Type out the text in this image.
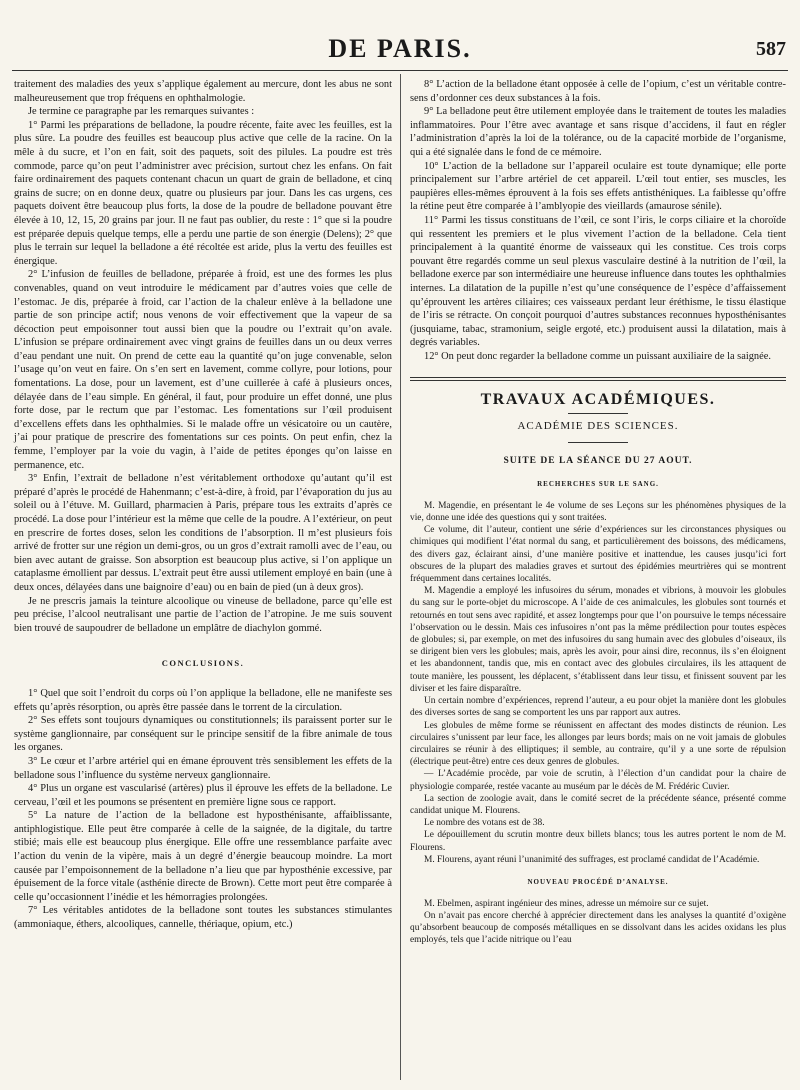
DE PARIS.	587

traitement des maladies des yeux s’applique également au mercure, dont les abus ne sont malheureusement que trop fréquens en ophthalmologie.

Je termine ce paragraphe par les remarques suivantes :

1° Parmi les préparations de belladone, la poudre récente, faite avec les feuilles, est la plus sûre. La poudre des feuilles est beaucoup plus active que celle de la racine. On la mêle à du sucre, et l’on en fait, soit des paquets, soit des pilules. La poudre est très commode, parce qu’on peut l’administrer avec précision, surtout chez les enfans. On fait faire ordinairement des paquets contenant chacun un quart de grain de belladone, et cinq grains de sucre; on en donne deux, quatre ou plusieurs par jour. Dans les cas urgens, ces paquets doivent être beaucoup plus forts, la dose de la poudre de belladone pouvant être élevée à 10, 12, 15, 20 grains par jour. Il ne faut pas oublier, du reste : 1° que si la poudre est préparée depuis quelque temps, elle a perdu une partie de son énergie (Delens); 2° que plus le terrain sur lequel la belladone a été récoltée est aride, plus la vertu des feuilles est énergique.

2° L’infusion de feuilles de belladone, préparée à froid, est une des formes les plus convenables, quand on veut introduire le médicament par d’autres voies que celle de l’estomac. Je dis, préparée à froid, car l’action de la chaleur enlève à la belladone une partie de son principe actif; nous venons de voir effectivement que la vapeur de sa décoction peut empoisonner tout aussi bien que la poudre ou l’extrait qu’on avale. L’infusion se prépare ordinairement avec vingt grains de feuilles dans un ou deux verres d’eau pendant une nuit. On prend de cette eau la quantité qu’on juge convenable, selon l’usage qu’on veut en faire. On s’en sert en lavement, comme collyre, pour lotions, pour fomentations. La dose, pour un lavement, est d’une cuillerée à café à plusieurs onces, délayée dans de l’eau simple. En général, il faut, pour produire un effet donné, une plus forte dose, par le rectum que par l’estomac. Les fomentations sur l’œil produisent d’excellens effets dans les ophthalmies. Si le malade offre un vésicatoire ou un cautère, j’ai pour pratique de prescrire des fomentations sur ces points. On peut enfin, chez la femme, l’employer par la voie du vagin, à l’aide de petites éponges qu’on laisse en permanence, etc.

3° Enfin, l’extrait de belladone n’est véritablement orthodoxe qu’autant qu’il est préparé d’après le procédé de Hahenmann; c’est-à-dire, à froid, par l’évaporation du jus au soleil ou à l’étuve. M. Guillard, pharmacien à Paris, prépare tous les extraits d’après ce procédé. La dose pour l’intérieur est la même que celle de la poudre. A l’extérieur, on peut en prescrire de fortes doses, selon les conditions de l’absorption. Il m’est plusieurs fois arrivé de frotter sur une région un demi-gros, ou un gros d’extrait ramolli avec de l’eau, ou bien avec autant de graisse. Son absorption est beaucoup plus active, si l’on applique un cataplasme émollient par dessus. L’extrait peut être aussi utilement employé en bain (une à deux onces, délayées dans une baignoire d’eau) ou en bain de pied (un à deux gros).

Je ne prescris jamais la teinture alcoolique ou vineuse de belladone, parce qu’elle est peu précise, l’alcool neutralisant une partie de l’action de l’atropine. Je me suis souvent bien trouvé de saupoudrer de belladone un emplâtre de diachylon gommé.

CONCLUSIONS.

1° Quel que soit l’endroit du corps où l’on applique la belladone, elle ne manifeste ses effets qu’après résorption, ou après être passée dans le torrent de la circulation.

2° Ses effets sont toujours dynamiques ou constitutionnels; ils paraissent porter sur le système ganglionnaire, par conséquent sur le principe sensitif de la fibre animale de tous les organes.

3° Le cœur et l’arbre artériel qui en émane éprouvent très sensiblement les effets de la belladone sous l’influence du système nerveux ganglionnaire.

4° Plus un organe est vascularisé (artères) plus il éprouve les effets de la belladone. Le cerveau, l’œil et les poumons se présentent en première ligne sous ce rapport.

5° La nature de l’action de la belladone est hyposthénisante, affaiblissante, antiphlogistique. Elle peut être comparée à celle de la saignée, de la digitale, du tartre stibié; mais elle est beaucoup plus énergique. Elle offre une ressemblance parfaite avec l’action du venin de la vipère, mais à un degré d’énergie beaucoup moindre. La mort causée par l’empoisonnement de la belladone n’a lieu que par hyposthénie excessive, par épuisement de la force vitale (asthénie directe de Brown). Cette mort peut être comparée à celle qu’occasionnent l’inédie et les hémorragies prolongées.

7° Les véritables antidotes de la belladone sont toutes les substances stimulantes (ammoniaque, éthers, alcooliques, cannelle, thériaque, opium, etc.)

8° L’action de la belladone étant opposée à celle de l’opium, c’est un véritable contre-sens d’ordonner ces deux substances à la fois.

9° La belladone peut être utilement employée dans le traitement de toutes les maladies inflammatoires. Pour l’être avec avantage et sans risque d’accidens, il faut en régler l’administration d’après la loi de la tolérance, ou de la capacité morbide de l’organisme, qui a été signalée dans le fond de ce mémoire.

10° L’action de la belladone sur l’appareil oculaire est toute dynamique; elle porte principalement sur l’arbre artériel de cet appareil. L’œil tout entier, ses muscles, les paupières elles-mêmes éprouvent à la fois ses effets antisthéniques. La faiblesse qu’offre la rétine peut être comparée à l’amblyopie des vieillards (amaurose sénile).

11° Parmi les tissus constituans de l’œil, ce sont l’iris, le corps ciliaire et la choroïde qui ressentent les premiers et le plus vivement l’action de la belladone. Cela tient principalement à la quantité énorme de vaisseaux qui les constitue. Ces trois corps pouvant être regardés comme un seul plexus vasculaire destiné à la nutrition de l’œil, la belladone exerce par son intermédiaire une heureuse influence dans toutes les ophthalmies internes. La dilatation de la pupille n’est qu’une conséquence de l’espèce d’affaissement qu’éprouvent les artères ciliaires; ces vaisseaux perdant leur éréthisme, le tissu élastique de l’iris se rétracte. On conçoit pourquoi d’autres substances reconnues hyposthénisantes (jusquiame, tabac, stramonium, seigle ergoté, etc.) produisent aussi la dilatation, mais à degrés variables.

12° On peut donc regarder la belladone comme un puissant auxiliaire de la saignée.

TRAVAUX ACADÉMIQUES.
ACADÉMIE DES SCIENCES.
SUITE DE LA SÉANCE DU 27 AOUT.
RECHERCHES SUR LE SANG.

M. Magendie, en présentant le 4e volume de ses Leçons sur les phénomènes physiques de la vie, donne une idée des questions qui y sont traitées.

Ce volume, dit l’auteur, contient une série d’expériences sur les circonstances physiques ou chimiques qui modifient l’état normal du sang, et particulièrement des boissons, des médicamens, des divers gaz, éclairant ainsi, d’une manière positive et inattendue, les causes jusqu’ici fort obscures de la plupart des maladies graves et surtout des épidémies meurtrières qui se montrent fréquemment dans certaines localités.

M. Magendie a employé les infusoires du sérum, monades et vibrions, à mouvoir les globules du sang sur le porte-objet du microscope. A l’aide de ces animalcules, les globules sont tournés et retournés en tout sens avec rapidité, et assez longtemps pour que l’on poursuive le temps nécessaire l’observation ou le dessin. Mais ces infusoires n’ont pas la même prédilection pour toutes espèces de globules; si, par exemple, on met des infusoires du sang humain avec des globules d’oiseaux, ils se dirigent bien vers les globules; mais, après les avoir, pour ainsi dire, reconnus, ils s’en éloignent et les abandonnent, tandis que, mis en contact avec des globules circulaires, ils les attaquent de toute manière, les poussent, les déplacent, s’établissent dans leur tissu, et finissent souvent par les diviser et les faire disparaître.

Un certain nombre d’expériences, reprend l’auteur, a eu pour objet la manière dont les globules des diverses sortes de sang se comportent les uns par rapport aux autres.

Les globules de même forme se réunissent en affectant des modes distincts de réunion. Les circulaires s’unissent par leur face, les allonges par leurs bords; mais on ne voit jamais de globules circulaires se réunir à des elliptiques; il semble, au contraire, qu’il y a une sorte de répulsion (électrique peut-être) entre ces deux genres de globules.

— L’Académie procède, par voie de scrutin, à l’élection d’un candidat pour la chaire de physiologie comparée, restée vacante au muséum par le décès de M. Frédéric Cuvier.

La section de zoologie avait, dans le comité secret de la précédente séance, présenté comme candidat unique M. Flourens.

Le nombre des votans est de 38.

Le dépouillement du scrutin montre deux billets blancs; tous les autres portent le nom de M. Flourens.

M. Flourens, ayant réuni l’unanimité des suffrages, est proclamé candidat de l’Académie.

NOUVEAU PROCÉDÉ D’ANALYSE.

M. Ebelmen, aspirant ingénieur des mines, adresse un mémoire sur ce sujet.

On n’avait pas encore cherché à apprécier directement dans les analyses la quantité d’oxigène qu’absorbent beaucoup de composés métalliques en se dissolvant dans les acides oxidans les plus employés, tels que l’acide nitrique ou l’eau
